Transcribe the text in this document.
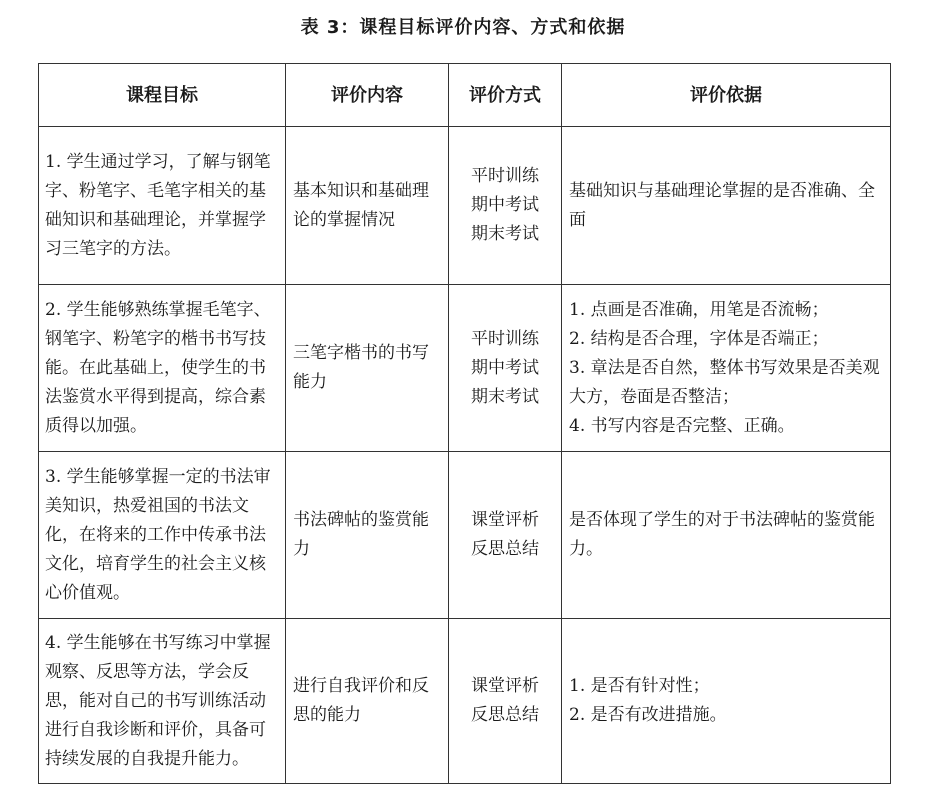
表 3：课程目标评价内容、方式和依据
课程目标	评价内容	评价方式	评价依据

1. 学生通过学习，了解与钢笔字、粉笔字、毛笔字相关的基础知识和基础理论，并掌握学习三笔字的方法。	基本知识和基础理论的掌握情况	平时训练
期中考试
期末考试	基础知识与基础理论掌握的是否准确、全面

2. 学生能够熟练掌握毛笔字、钢笔字、粉笔字的楷书书写技能。在此基础上，使学生的书法鉴赏水平得到提高，综合素质得以加强。	三笔字楷书的书写能力	平时训练
期中考试
期末考试	1. 点画是否准确，用笔是否流畅；
2. 结构是否合理，字体是否端正；
3. 章法是否自然，整体书写效果是否美观大方，卷面是否整洁；
4. 书写内容是否完整、正确。

3. 学生能够掌握一定的书法审美知识，热爱祖国的书法文化，在将来的工作中传承书法文化，培育学生的社会主义核心价值观。	书法碑帖的鉴赏能力	课堂评析
反思总结	是否体现了学生的对于书法碑帖的鉴赏能力。

4. 学生能够在书写练习中掌握观察、反思等方法，学会反思，能对自己的书写训练活动进行自我诊断和评价，具备可持续发展的自我提升能力。	进行自我评价和反思的能力	课堂评析
反思总结	1. 是否有针对性；
2. 是否有改进措施。
